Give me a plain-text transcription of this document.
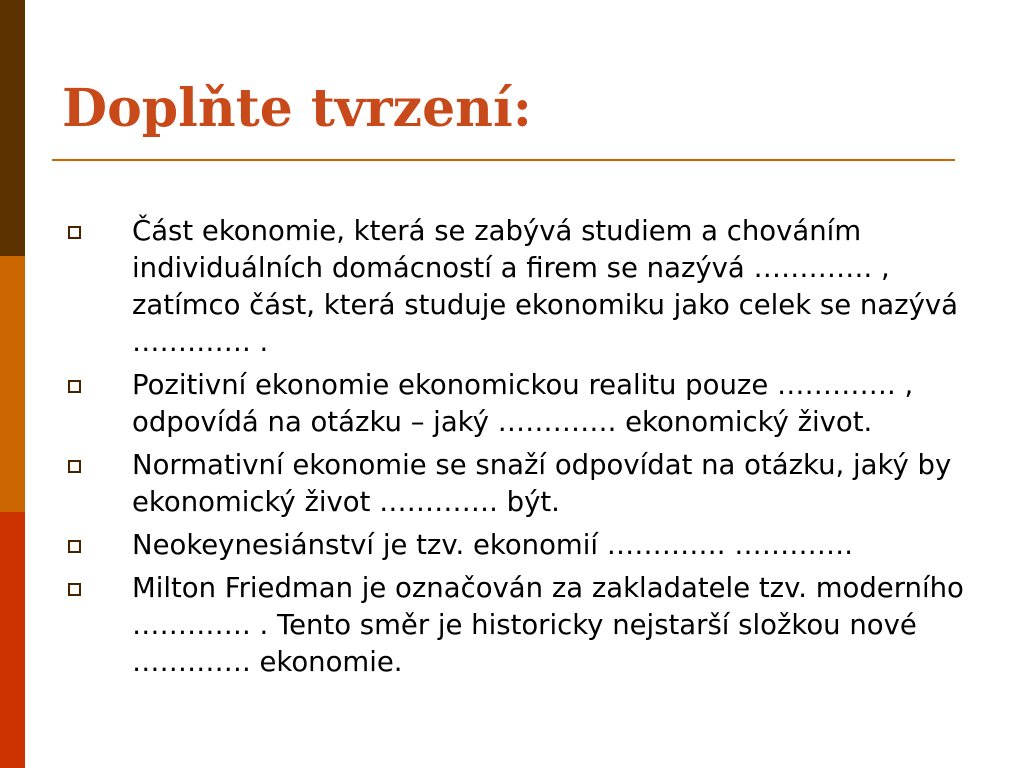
Doplňte tvrzení:
Část ekonomie, která se zabývá studiem a chováním individuálních domácností a firem se nazývá …………. , zatímco část, která studuje ekonomiku jako celek se nazývá …………. .
Pozitivní ekonomie ekonomickou realitu pouze …………. , odpovídá na otázku – jaký …………. ekonomický život.
Normativní ekonomie se snaží odpovídat na otázku, jaký by ekonomický život …………. být.
Neokeynesiánství je tzv. ekonomií …………. ………….
Milton Friedman je označován za zakladatele tzv. moderního …………. . Tento směr je historicky nejstarší složkou nové …………. ekonomie.
